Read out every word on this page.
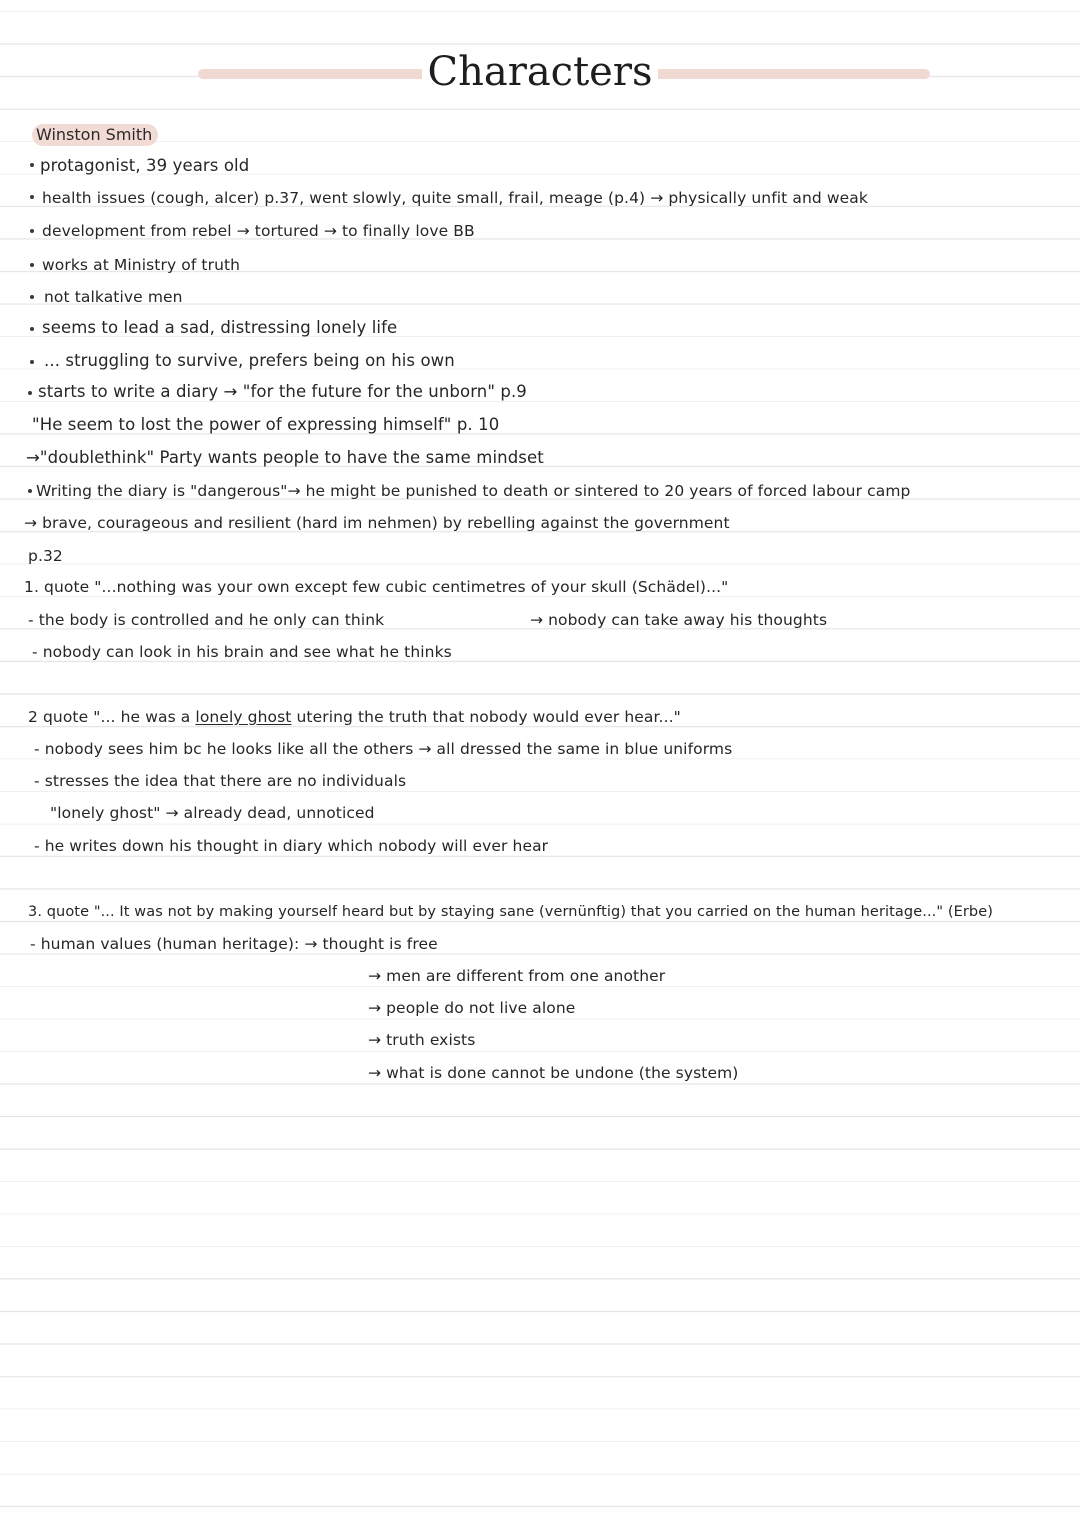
Characters
Winston Smith
protagonist, 39 years old
health issues (cough, alcer) p.37, went slowly, quite small, frail, meage (p.4) → physically unfit and weak
development from rebel → tortured → to finally love BB
works at Ministry of truth
not talkative men
seems to lead a sad, distressing lonely life
... struggling to survive, prefers being on his own
starts to write a diary → "for the future for the unborn" p.9
"He seem to lost the power of expressing himself" p. 10
→"doublethink" Party wants people to have the same mindset
Writing the diary is "dangerous"→ he might be punished to death or sintered to 20 years of forced labour camp
→ brave, courageous and resilient (hard im nehmen) by rebelling against the government
p.32
1. quote "...nothing was your own except few cubic centimetres of your skull (Schädel)..."
- the body is controlled and he only can think	→ nobody can take away his thoughts
- nobody can look in his brain and see what he thinks
2 quote "... he was a lonely ghost utering the truth that nobody would ever hear..."
- nobody sees him bc he looks like all the others → all dressed the same in blue uniforms
- stresses the idea that there are no individuals
"lonely ghost" → already dead, unnoticed
- he writes down his thought in diary which nobody will ever hear
3. quote "... It was not by making yourself heard but by staying sane (vernünftig) that you carried on the human heritage..." (Erbe)
- human values (human heritage): → thought is free
→ men are different from one another
→ people do not live alone
→ truth exists
→ what is done cannot be undone (the system)
